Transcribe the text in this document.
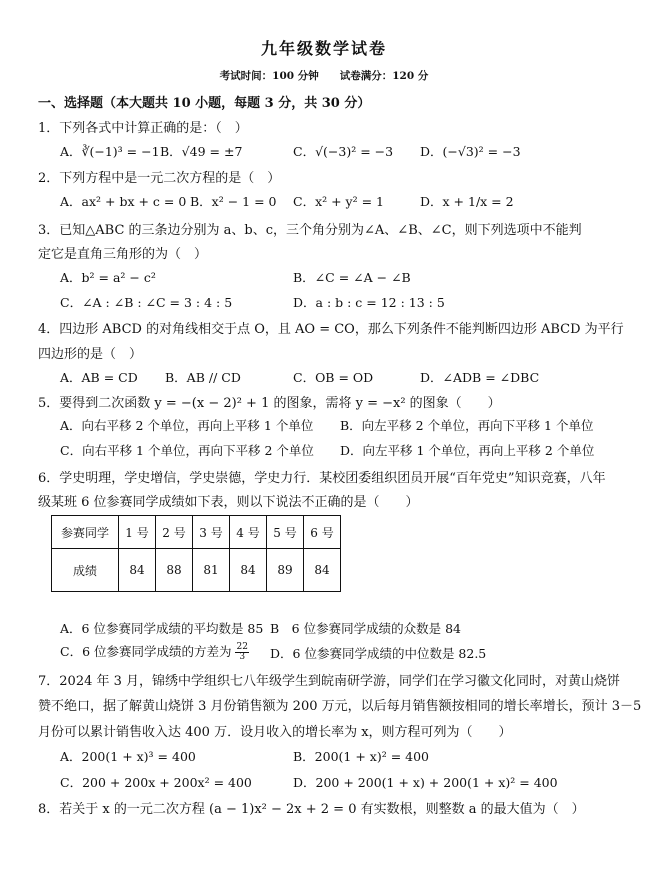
九年级数学试卷
考试时间：100 分钟　　试卷满分：120 分
一、选择题（本大题共 10 小题，每题 3 分，共 30 分）
1．下列各式中计算正确的是：（　）
A．∛(−1)³ = −1 B．√49 = ±7	C．√(−3)² = −3 D．(−√3)² = −3
2．下列方程中是一元二次方程的是（　）
A．ax² + bx + c = 0 B．x² − 1 = 0 C．x² + y² = 1	D．x + 1/x = 2
3．已知△ABC 的三条边分别为 a、b、c，三个角分别为∠A、∠B、∠C，则下列选项中不能判
定它是直角三角形的为（　）
A．b² = a² − c²	B．∠C = ∠A − ∠B
C．∠A : ∠B : ∠C = 3 : 4 : 5	D．a : b : c = 12 : 13 : 5
4．四边形 ABCD 的对角线相交于点 O，且 AO = CO，那么下列条件不能判断四边形 ABCD 为平行
四边形的是（　）
A．AB = CD B．AB // CD	C．OB = OD	D．∠ADB = ∠DBC
5．要得到二次函数 y = −(x − 2)² + 1 的图象，需将 y = −x² 的图象（　　）
A．向右平移 2 个单位，再向上平移 1 个单位 B．向左平移 2 个单位，再向下平移 1 个单位
C．向右平移 1 个单位，再向下平移 2 个单位 D．向左平移 1 个单位，再向上平移 2 个单位
6．学史明理，学史增信，学史崇德，学史力行．某校团委组织团员开展“百年党史”知识竞赛，八年
级某班 6 位参赛同学成绩如下表，则以下说法不正确的是（　　）
参赛同学	1 号	2 号	3 号	4 号	5 号	6 号
成绩	84	88	81	84	89	84
A．6 位参赛同学成绩的平均数是 85 B　6 位参赛同学成绩的众数是 84
C．6 位参赛同学成绩的方差为 $\frac{22}{3}$ D．6 位参赛同学成绩的中位数是 82.5
7．2024 年 3 月，锦绣中学组织七八年级学生到皖南研学游，同学们在学习徽文化同时，对黄山烧饼
赞不绝口，据了解黄山烧饼 3 月份销售额为 200 万元，以后每月销售额按相同的增长率增长，预计 3－5
月份可以累计销售收入达 400 万．设月收入的增长率为 x，则方程可列为（　　）
A．200(1 + x)³ = 400	B．200(1 + x)² = 400
C．200 + 200x + 200x² = 400	D．200 + 200(1 + x) + 200(1 + x)² = 400
8．若关于 x 的一元二次方程 (a − 1)x² − 2x + 2 = 0 有实数根，则整数 a 的最大值为（　）
